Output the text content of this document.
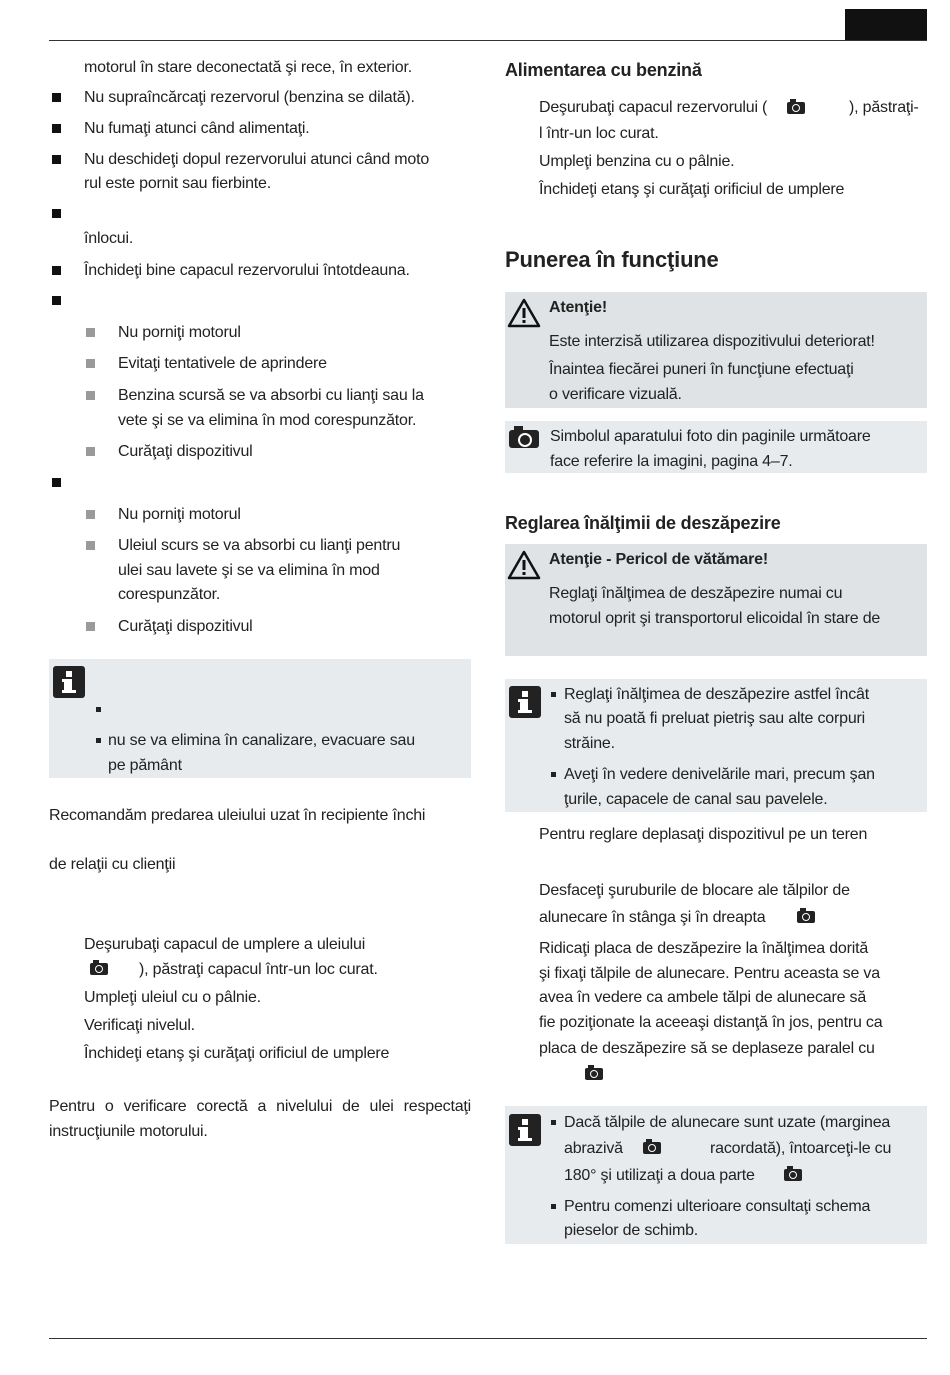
motorul în stare deconectată şi rece, în exterior.
Nu supraîncărcaţi rezervorul (benzina se dilată).
Nu fumaţi atunci când alimentaţi.
Nu deschideţi dopul rezervorului atunci când moto
rul este pornit sau fierbinte.
înlocui.
Închideţi bine capacul rezervorului întotdeauna.
Nu porniţi motorul
Evitaţi tentativele de aprindere
Benzina scursă se va absorbi cu lianţi sau la
vete şi se va elimina în mod corespunzător.
Curăţaţi dispozitivul
Nu porniţi motorul
Uleiul scurs se va absorbi cu lianţi pentru
ulei sau lavete şi se va elimina în mod
corespunzător.
Curăţaţi dispozitivul
nu se va elimina în canalizare, evacuare sau
pe pământ
Recomandăm predarea uleiului uzat în recipiente închi
de relaţii cu clienţii
Deşurubaţi capacul de umplere a uleiului
), păstraţi capacul într-un loc curat.
Umpleţi uleiul cu o pâlnie.
Verificaţi nivelul.
Închideţi etanş şi curăţaţi orificiul de umplere
Pentru o verificare corectă a nivelului de ulei respectaţi
instrucţiunile motorului.
Alimentarea cu benzină
Deşurubaţi capacul rezervorului (	), păstraţi-
l într-un loc curat.
Umpleţi benzina cu o pâlnie.
Închideţi etanş şi curăţaţi orificiul de umplere
Punerea în funcţiune
Atenţie!
Este interzisă utilizarea dispozitivului deteriorat!
Înaintea fiecărei puneri în funcţiune efectuaţi
o verificare vizuală.
Simbolul aparatului foto din paginile următoare
face referire la imagini, pagina 4–7.
Reglarea înălţimii de deszăpezire
Atenţie - Pericol de vătămare!
Reglaţi înălţimea de deszăpezire numai cu
motorul oprit şi transportorul elicoidal în stare de
Reglaţi înălţimea de deszăpezire astfel încât
să nu poată fi preluat pietriş sau alte corpuri
străine.
Aveţi în vedere denivelările mari, precum şan
ţurile, capacele de canal sau pavelele.
Pentru reglare deplasaţi dispozitivul pe un teren
Desfaceţi şuruburile de blocare ale tălpilor de
alunecare în stânga şi în dreapta
Ridicaţi placa de deszăpezire la înălţimea dorită
şi fixaţi tălpile de alunecare. Pentru aceasta se va
avea în vedere ca ambele tălpi de alunecare să
fie poziţionate la aceeaşi distanţă în jos, pentru ca
placa de deszăpezire să se deplaseze paralel cu
Dacă tălpile de alunecare sunt uzate (marginea
abrazivă	racordată), întoarceţi-le cu
180° şi utilizaţi a doua parte
Pentru comenzi ulterioare consultaţi schema
pieselor de schimb.
